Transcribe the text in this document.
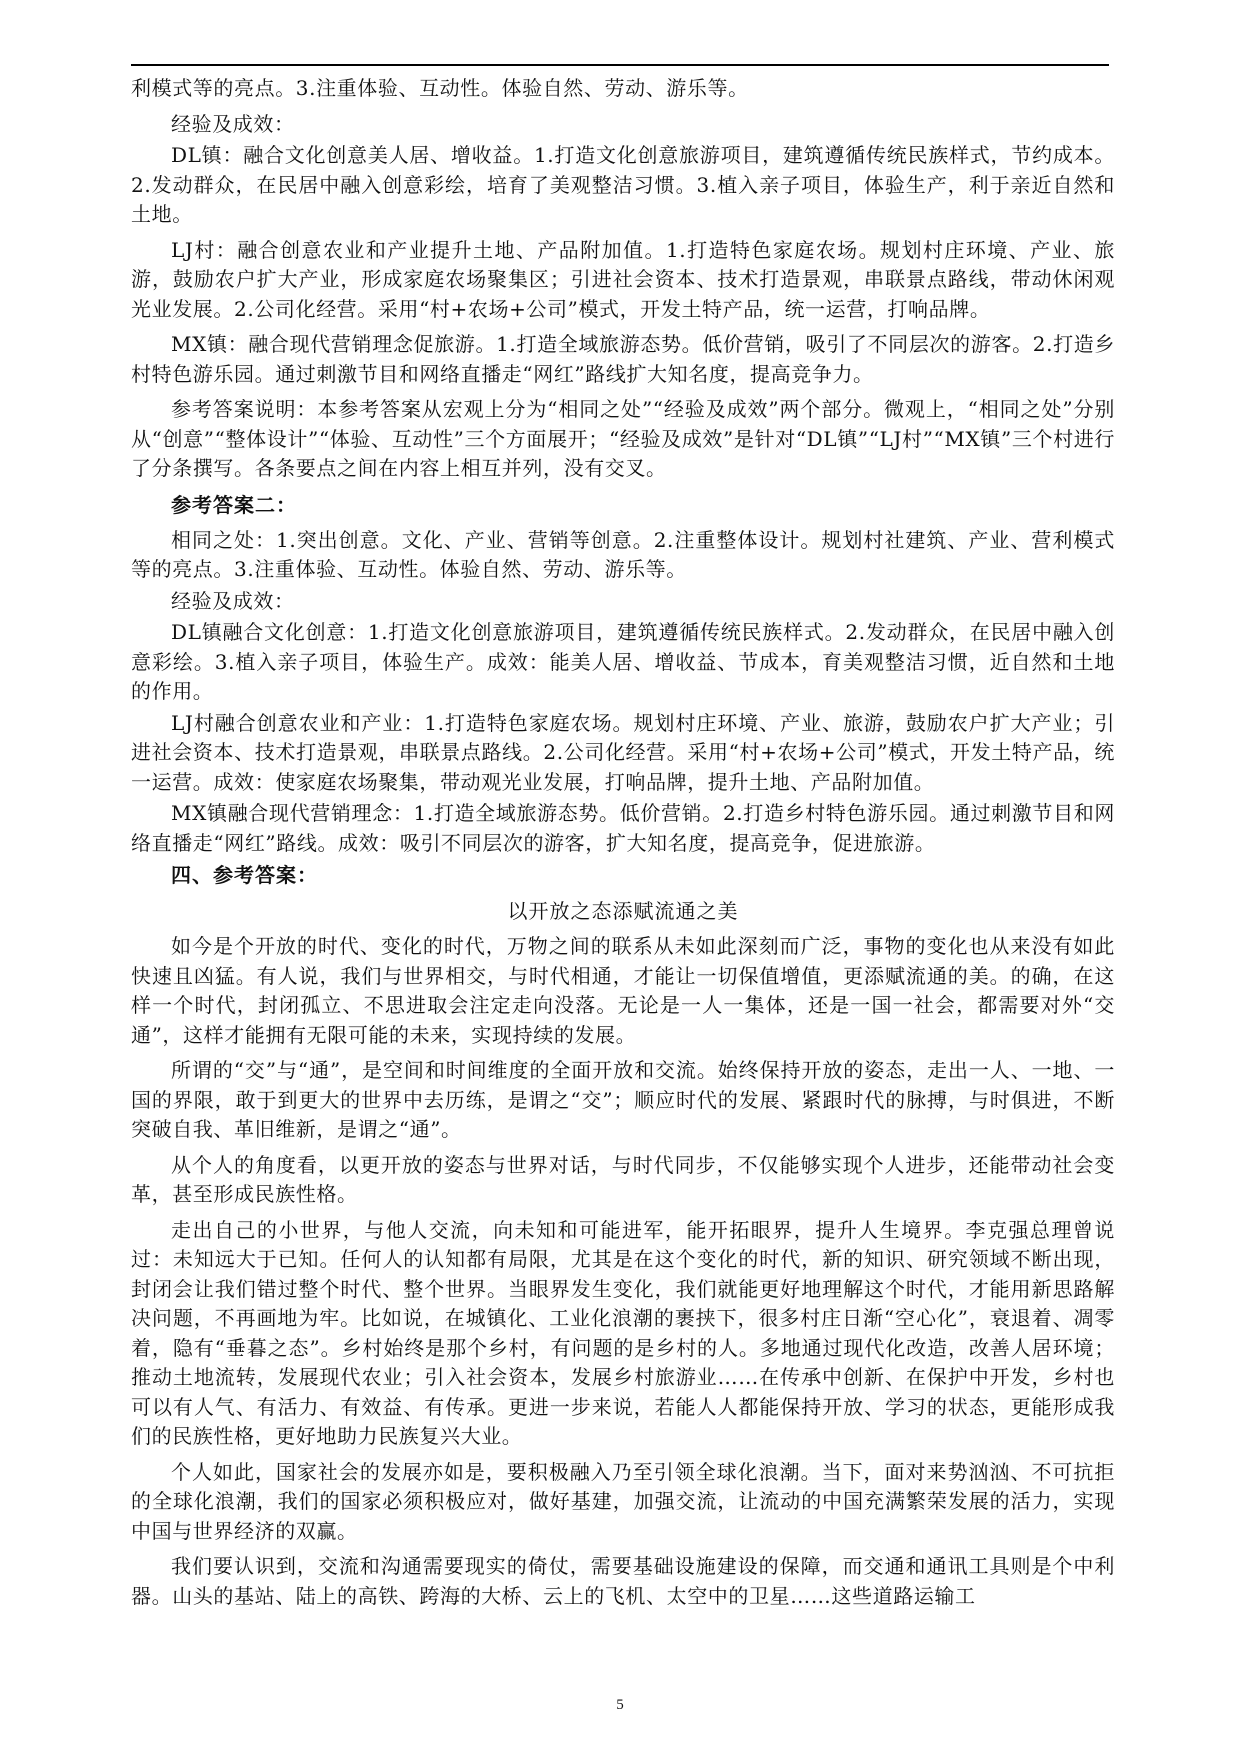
利模式等的亮点。3.注重体验、互动性。体验自然、劳动、游乐等。

经验及成效：

DL镇：融合文化创意美人居、增收益。1.打造文化创意旅游项目，建筑遵循传统民族样式，节约成本。2.发动群众，在民居中融入创意彩绘，培育了美观整洁习惯。3.植入亲子项目，体验生产，利于亲近自然和土地。

LJ村：融合创意农业和产业提升土地、产品附加值。1.打造特色家庭农场。规划村庄环境、产业、旅游，鼓励农户扩大产业，形成家庭农场聚集区；引进社会资本、技术打造景观，串联景点路线，带动休闲观光业发展。2.公司化经营。采用“村+农场+公司”模式，开发土特产品，统一运营，打响品牌。

MX镇：融合现代营销理念促旅游。1.打造全域旅游态势。低价营销，吸引了不同层次的游客。2.打造乡村特色游乐园。通过刺激节目和网络直播走“网红”路线扩大知名度，提高竞争力。

参考答案说明：本参考答案从宏观上分为“相同之处”“经验及成效”两个部分。微观上，“相同之处”分别从“创意”“整体设计”“体验、互动性”三个方面展开；“经验及成效”是针对“DL镇”“LJ村”“MX镇”三个村进行了分条撰写。各条要点之间在内容上相互并列，没有交叉。

参考答案二：

相同之处：1.突出创意。文化、产业、营销等创意。2.注重整体设计。规划村社建筑、产业、营利模式等的亮点。3.注重体验、互动性。体验自然、劳动、游乐等。

经验及成效：

DL镇融合文化创意：1.打造文化创意旅游项目，建筑遵循传统民族样式。2.发动群众，在民居中融入创意彩绘。3.植入亲子项目，体验生产。成效：能美人居、增收益、节成本，育美观整洁习惯，近自然和土地的作用。

LJ村融合创意农业和产业：1.打造特色家庭农场。规划村庄环境、产业、旅游，鼓励农户扩大产业；引进社会资本、技术打造景观，串联景点路线。2.公司化经营。采用“村+农场+公司”模式，开发土特产品，统一运营。成效：使家庭农场聚集，带动观光业发展，打响品牌，提升土地、产品附加值。

MX镇融合现代营销理念：1.打造全域旅游态势。低价营销。2.打造乡村特色游乐园。通过刺激节目和网络直播走“网红”路线。成效：吸引不同层次的游客，扩大知名度，提高竞争，促进旅游。

四、参考答案：

以开放之态添赋流通之美

如今是个开放的时代、变化的时代，万物之间的联系从未如此深刻而广泛，事物的变化也从来没有如此快速且凶猛。有人说，我们与世界相交，与时代相通，才能让一切保值增值，更添赋流通的美。的确，在这样一个时代，封闭孤立、不思进取会注定走向没落。无论是一人一集体，还是一国一社会，都需要对外“交通”，这样才能拥有无限可能的未来，实现持续的发展。

所谓的“交”与“通”，是空间和时间维度的全面开放和交流。始终保持开放的姿态，走出一人、一地、一国的界限，敢于到更大的世界中去历练，是谓之“交”；顺应时代的发展、紧跟时代的脉搏，与时俱进，不断突破自我、革旧维新，是谓之“通”。

从个人的角度看，以更开放的姿态与世界对话，与时代同步，不仅能够实现个人进步，还能带动社会变革，甚至形成民族性格。

走出自己的小世界，与他人交流，向未知和可能进军，能开拓眼界，提升人生境界。李克强总理曾说过：未知远大于已知。任何人的认知都有局限，尤其是在这个变化的时代，新的知识、研究领域不断出现，封闭会让我们错过整个时代、整个世界。当眼界发生变化，我们就能更好地理解这个时代，才能用新思路解决问题，不再画地为牢。比如说，在城镇化、工业化浪潮的裹挟下，很多村庄日渐“空心化”，衰退着、凋零着，隐有“垂暮之态”。乡村始终是那个乡村，有问题的是乡村的人。多地通过现代化改造，改善人居环境；推动土地流转，发展现代农业；引入社会资本，发展乡村旅游业……在传承中创新、在保护中开发，乡村也可以有人气、有活力、有效益、有传承。更进一步来说，若能人人都能保持开放、学习的状态，更能形成我们的民族性格，更好地助力民族复兴大业。

个人如此，国家社会的发展亦如是，要积极融入乃至引领全球化浪潮。当下，面对来势汹汹、不可抗拒的全球化浪潮，我们的国家必须积极应对，做好基建，加强交流，让流动的中国充满繁荣发展的活力，实现中国与世界经济的双赢。

我们要认识到，交流和沟通需要现实的倚仗，需要基础设施建设的保障，而交通和通讯工具则是个中利器。山头的基站、陆上的高铁、跨海的大桥、云上的飞机、太空中的卫星……这些道路运输工

5
